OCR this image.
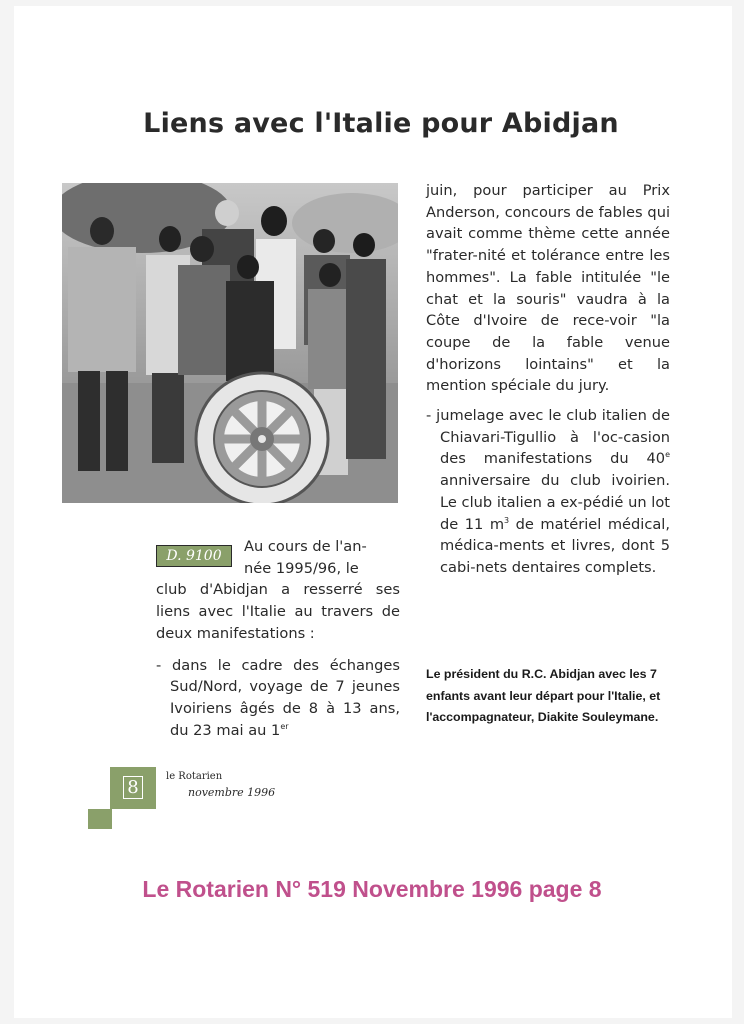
Liens avec l'Italie pour Abidjan

juin, pour participer au Prix Anderson, concours de fables qui avait comme thème cette année "frater-nité et tolérance entre les hommes". La fable intitulée "le chat et la souris" vaudra à la Côte d'Ivoire de rece-voir "la coupe de la fable venue d'horizons lointains" et la mention spéciale du jury.

- jumelage avec le club italien de Chiavari-Tigullio à l'oc-casion des manifestations du 40e anniversaire du club ivoirien. Le club italien a ex-pédié un lot de 11 $m^3$ de matériel médical, médica-ments et livres, dont 5 cabi-nets dentaires complets.

Le président du R.C. Abidjan avec les 7 enfants avant leur départ pour l'Italie, et l'accompagnateur, Diakite Souleymane.
D. 9100

Au cours de l'an-

née 1995/96, le

club d'Abidjan a resserré ses liens avec l'Italie au travers de deux manifestations :

- dans le cadre des échanges Sud/Nord, voyage de 7 jeunes Ivoiriens âgés de 8 à 13 ans, du 23 mai au 1er

8
le Rotarien
novembre 1996
Le Rotarien N° 519 Novembre 1996 page 8
